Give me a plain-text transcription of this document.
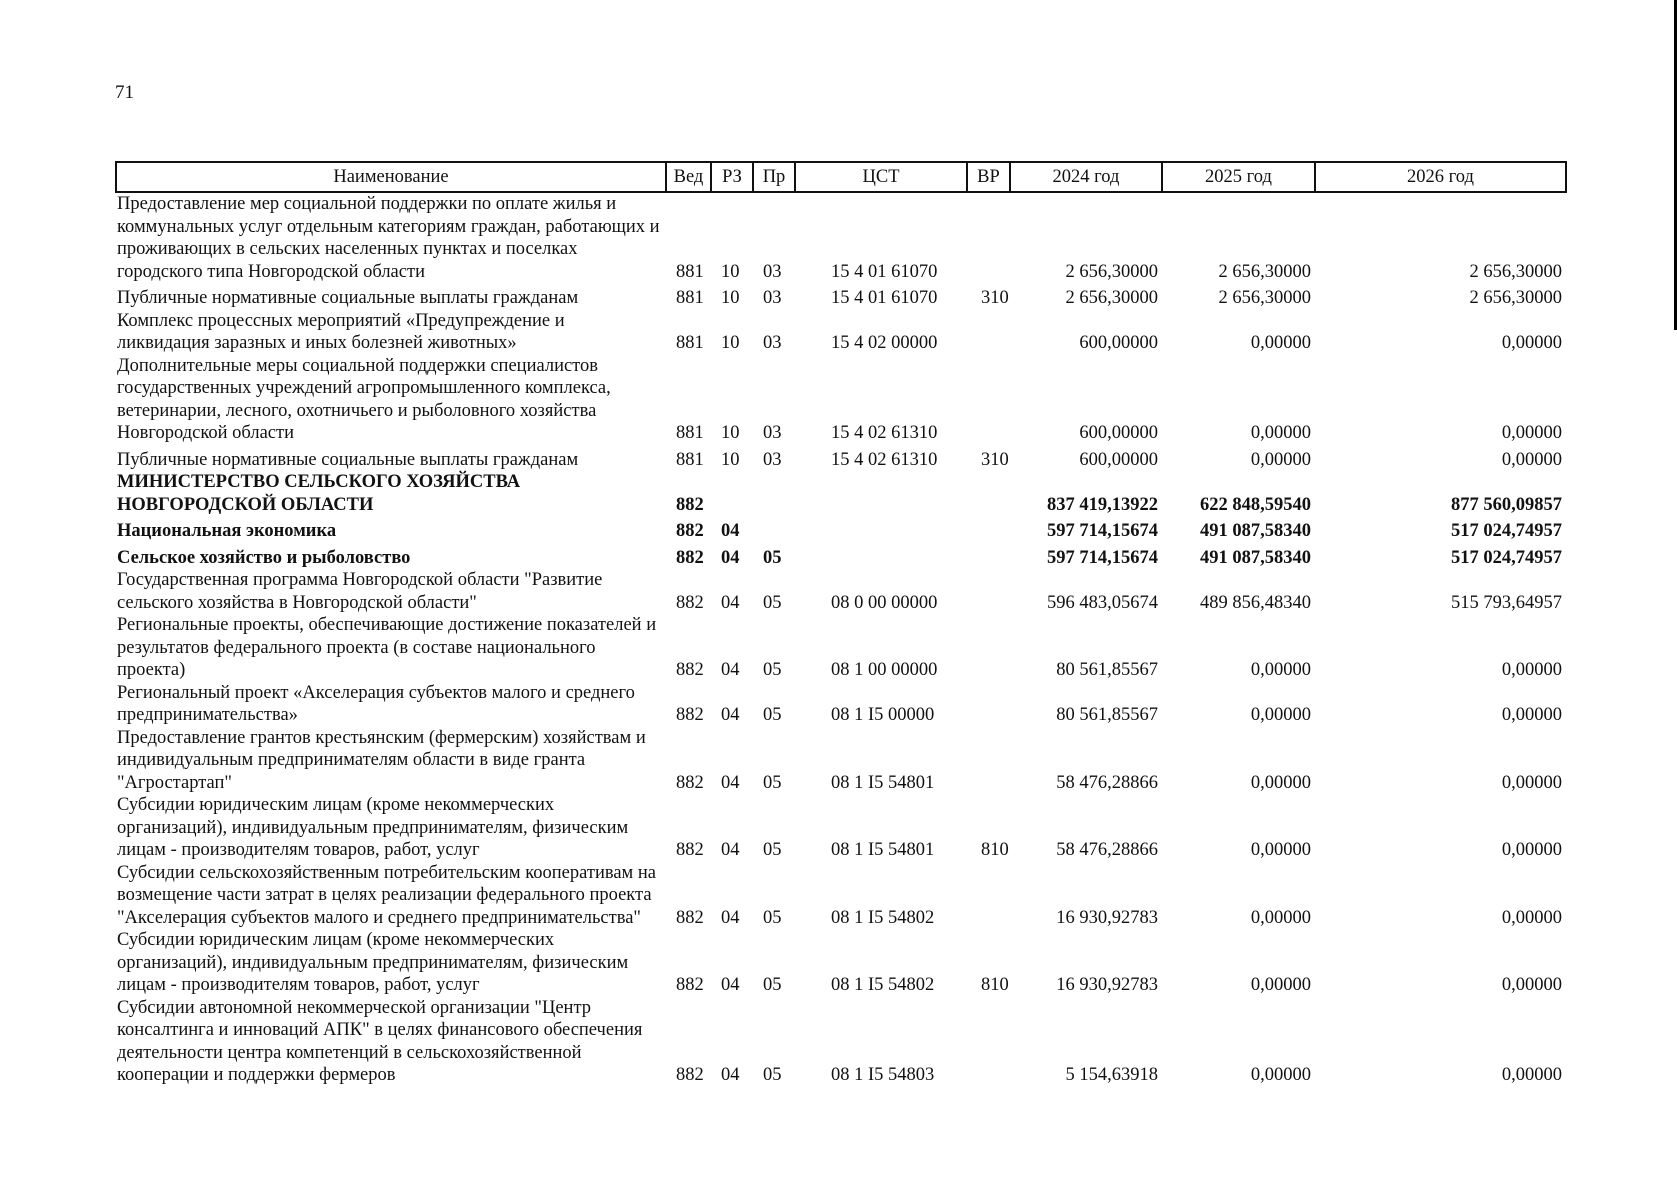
71
Наименование	Вед	РЗ	Пр	ЦСТ	ВР	2024 год	2025 год	2026 год
Предоставление мер социальной поддержки по оплате жилья и коммунальных услуг отдельным категориям граждан, работающих и проживающих в сельских населенных пунктах и поселках городского типа Новгородской области	881	10	03	15 4 01 61070		2 656,30000	2 656,30000	2 656,30000
Публичные нормативные социальные выплаты гражданам	881	10	03	15 4 01 61070	310	2 656,30000	2 656,30000	2 656,30000
Комплекс процессных мероприятий «Предупреждение и ликвидация заразных и иных болезней животных»	881	10	03	15 4 02 00000		600,00000	0,00000	0,00000
Дополнительные меры социальной поддержки специалистов государственных учреждений агропромышленного комплекса, ветеринарии, лесного, охотничьего и рыболовного хозяйства Новгородской области	881	10	03	15 4 02 61310		600,00000	0,00000	0,00000
Публичные нормативные социальные выплаты гражданам	881	10	03	15 4 02 61310	310	600,00000	0,00000	0,00000
МИНИСТЕРСТВО СЕЛЬСКОГО ХОЗЯЙСТВА НОВГОРОДСКОЙ ОБЛАСТИ	882					837 419,13922	622 848,59540	877 560,09857
Национальная экономика	882	04				597 714,15674	491 087,58340	517 024,74957
Сельское хозяйство и рыболовство	882	04	05			597 714,15674	491 087,58340	517 024,74957
Государственная программа Новгородской области "Развитие сельского хозяйства в Новгородской области"	882	04	05	08 0 00 00000		596 483,05674	489 856,48340	515 793,64957
Региональные проекты, обеспечивающие достижение показателей и результатов федерального проекта (в составе национального проекта)	882	04	05	08 1 00 00000		80 561,85567	0,00000	0,00000
Региональный проект «Акселерация субъектов малого и среднего предпринимательства»	882	04	05	08 1 I5 00000		80 561,85567	0,00000	0,00000
Предоставление грантов крестьянским (фермерским) хозяйствам и индивидуальным предпринимателям области в виде гранта "Агростартап"	882	04	05	08 1 I5 54801		58 476,28866	0,00000	0,00000
Субсидии юридическим лицам (кроме некоммерческих организаций), индивидуальным предпринимателям, физическим лицам - производителям товаров, работ, услуг	882	04	05	08 1 I5 54801	810	58 476,28866	0,00000	0,00000
Субсидии сельскохозяйственным потребительским кооперативам на возмещение части затрат в целях реализации федерального проекта "Акселерация субъектов малого и среднего предпринимательства"	882	04	05	08 1 I5 54802		16 930,92783	0,00000	0,00000
Субсидии юридическим лицам (кроме некоммерческих организаций), индивидуальным предпринимателям, физическим лицам - производителям товаров, работ, услуг	882	04	05	08 1 I5 54802	810	16 930,92783	0,00000	0,00000
Субсидии автономной некоммерческой организации "Центр консалтинга и инноваций АПК" в целях финансового обеспечения деятельности центра компетенций в сельскохозяйственной кооперации и поддержки фермеров	882	04	05	08 1 I5 54803		5 154,63918	0,00000	0,00000
